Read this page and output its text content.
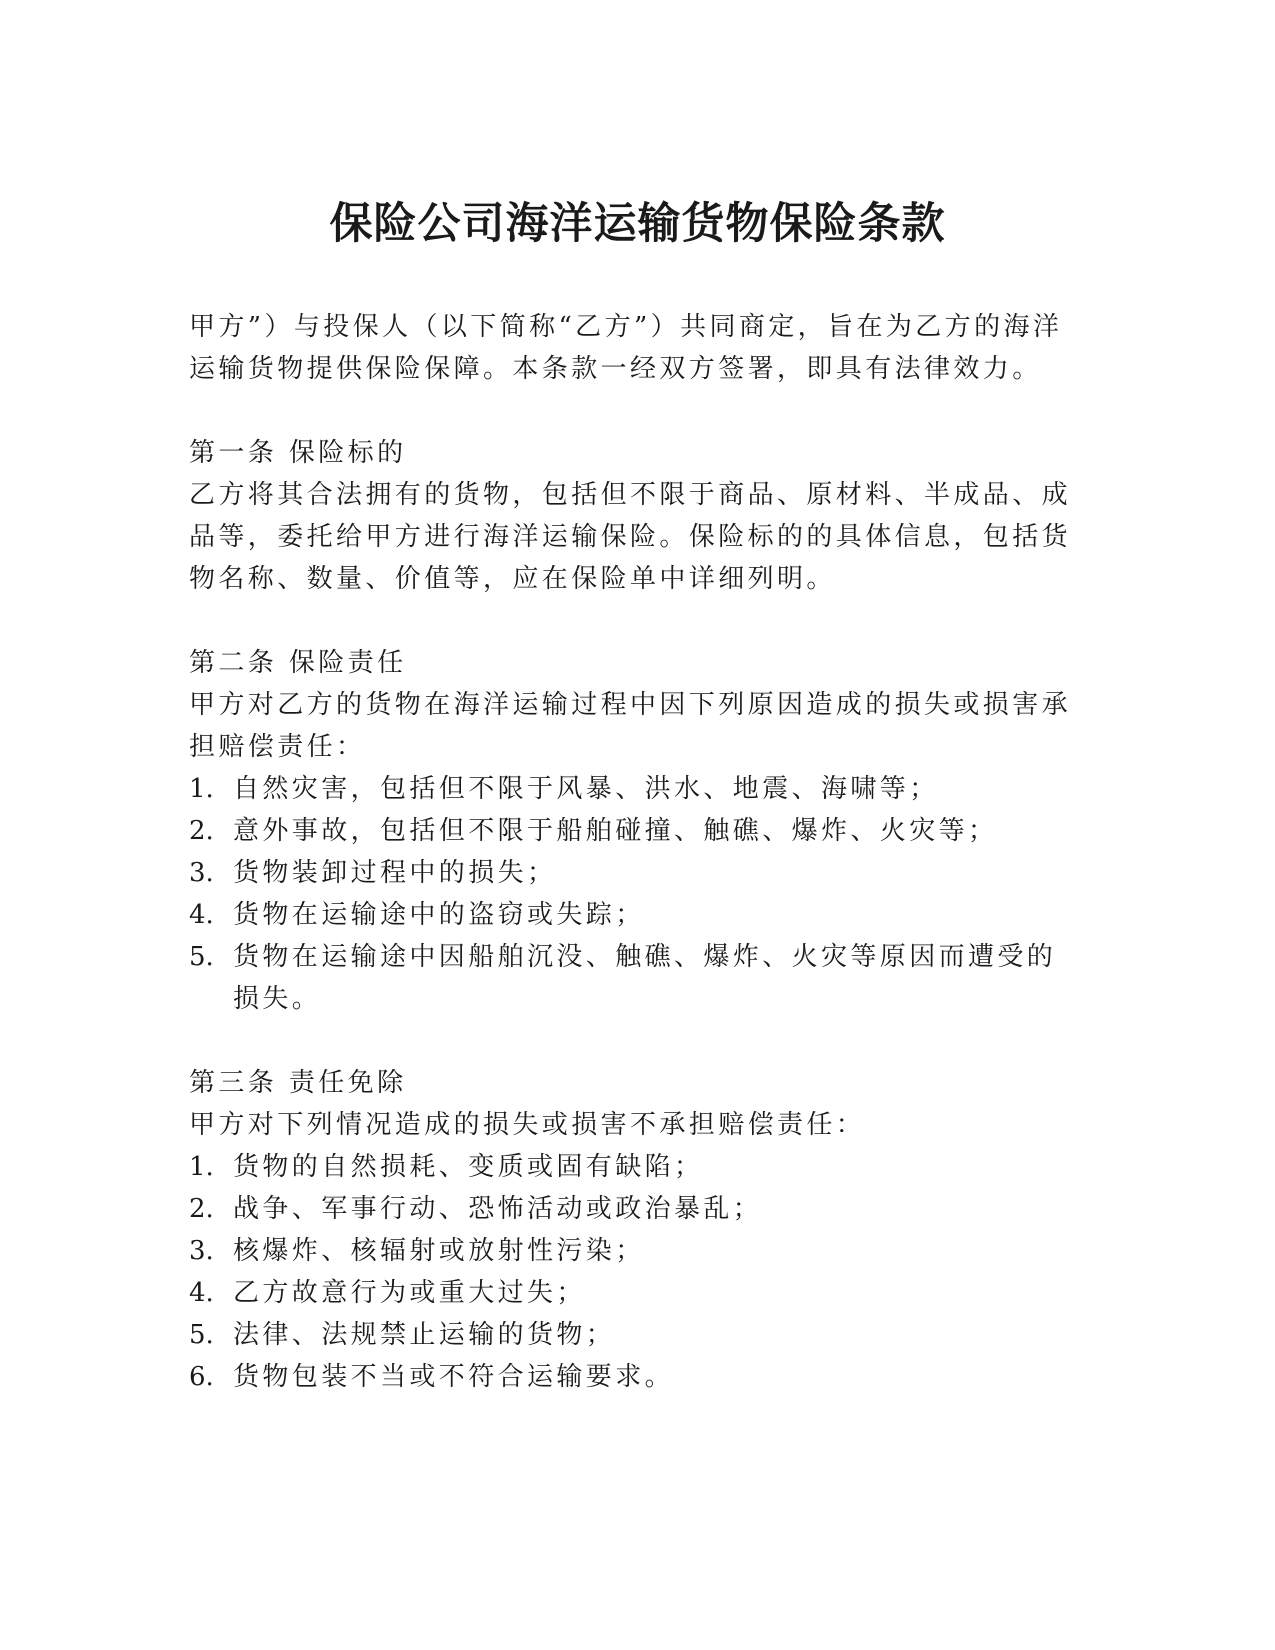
保险公司海洋运输货物保险条款

甲方”）与投保人（以下简称“乙方”）共同商定，旨在为乙方的海洋运输货物提供保险保障。本条款一经双方签署，即具有法律效力。

第一条 保险标的

乙方将其合法拥有的货物，包括但不限于商品、原材料、半成品、成品等，委托给甲方进行海洋运输保险。保险标的的具体信息，包括货物名称、数量、价值等，应在保险单中详细列明。

第二条 保险责任

甲方对乙方的货物在海洋运输过程中因下列原因造成的损失或损害承担赔偿责任：

1. 自然灾害，包括但不限于风暴、洪水、地震、海啸等；
2. 意外事故，包括但不限于船舶碰撞、触礁、爆炸、火灾等；
3. 货物装卸过程中的损失；
4. 货物在运输途中的盗窃或失踪；
5. 货物在运输途中因船舶沉没、触礁、爆炸、火灾等原因而遭受的损失。

第三条 责任免除

甲方对下列情况造成的损失或损害不承担赔偿责任：

1. 货物的自然损耗、变质或固有缺陷；
2. 战争、军事行动、恐怖活动或政治暴乱；
3. 核爆炸、核辐射或放射性污染；
4. 乙方故意行为或重大过失；
5. 法律、法规禁止运输的货物；
6. 货物包装不当或不符合运输要求。
